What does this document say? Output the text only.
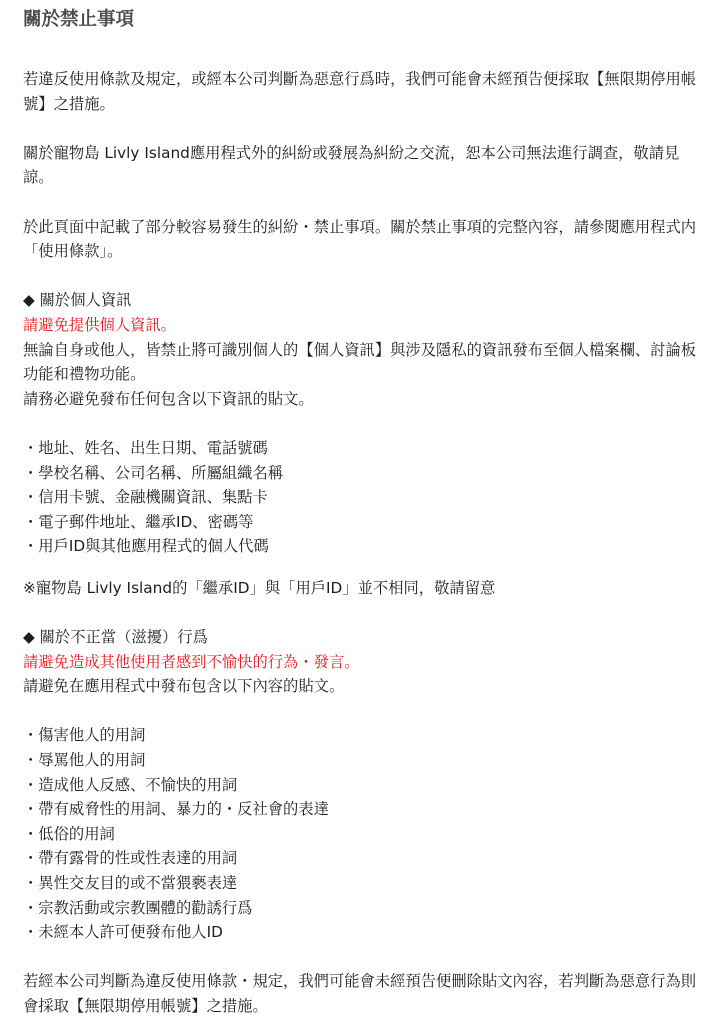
關於禁止事項

若違反使用條款及規定，或經本公司判斷為惡意行爲時，我們可能會未經預告便採取【無限期停用帳號】之措施。

關於寵物島 Livly Island應用程式外的糾紛或發展為糾紛之交流，恕本公司無法進行調查，敬請見諒。

於此頁面中記載了部分較容易發生的糾紛・禁止事項。關於禁止事項的完整內容，請參閱應用程式内「使用條款」。

◆ 關於個人資訊

請避免提供個人資訊。

無論自身或他人，皆禁止將可識別個人的【個人資訊】與涉及隱私的資訊發布至個人檔案欄、討論板功能和禮物功能。

請務必避免發布任何包含以下資訊的貼文。

・地址、姓名、出生日期、電話號碼
・學校名稱、公司名稱、所屬組織名稱
・信用卡號、金融機關資訊、集點卡
・電子郵件地址、繼承ID、密碼等
・用戶ID與其他應用程式的個人代碼

※寵物島 Livly Island的「繼承ID」與「用戶ID」並不相同，敬請留意

◆ 關於不正當（滋擾）行爲

請避免造成其他使用者感到不愉快的行為・發言。

請避免在應用程式中發布包含以下內容的貼文。

・傷害他人的用詞
・辱罵他人的用詞
・造成他人反感、不愉快的用詞
・帶有威脅性的用詞、暴力的・反社會的表達
・低俗的用詞
・帶有露骨的性或性表達的用詞
・異性交友目的或不當猥褻表達
・宗教活動或宗教團體的勸誘行爲
・未經本人許可便發布他人ID

若經本公司判斷為違反使用條款・規定，我們可能會未經預告便刪除貼文內容，若判斷為惡意行為則會採取【無限期停用帳號】之措施。
